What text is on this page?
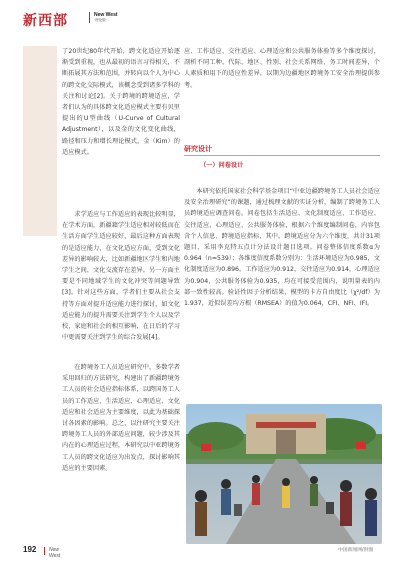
新西部	New West
·理论版·

了20世纪80年代开始，跨文化适应开始逐渐受到重视，也从最初的语言习得相关，不断拓展其方法和范围，并转向以个人为中心的跨文化交际模式，该概念受到诸多学科的关注和讨论[2]。关于跨境的跨境适应，学者们认为的具体跨文化适应模式主要有贝里提出的U型曲线（U-Curve of Cultural Adjustment），以及金的文化变化曲线，路径和压力和增长理论模式，金（Kim）的适应模式。

求学适应与工作适应的表现比较明显，在学术方面，新疆籍学生适应相对较低而在生活方面学生适应较好，最后这种方面表现的是适应能力，在文化适应方面，受到文化差异的影响较大，比如新疆地区学生和内地学生之间，文化交流存在差异。另一方面主要是不同地域学生的文化冲突等问题导致[3]。针对这些方面，学者们主要从社会支持等方面对提升适应能力进行探讨，如文化适应能力的提升需要关注到学生个人以及学校，家庭和社会的相互影响，在日后的学习中更需要关注到学生的综合发展[4]。

在跨境务工人员适应研究中，多数学者采用回归的方法研究，构建出了新疆跨境务工人员的社会适应指标体系，以跨国务工人员的工作适应、生活适应、心理适应、文化适应和社会适应为主要维度，以此为基础探讨各因素的影响。总之，以往研究主要关注跨境务工人员的外部适应问题，较少涉及其内在的心理适应过程，本研究以中亚跨境务工人员的跨文化适应为出发点，探讨影响其适应的主要因素。

应、工作适应、交往适应、心理适应和公共服务体验等多个维度探讨，剖析不同工种、代际、地区、性别、社会关系网络、务工时间差异，个人素质和用下的适应性差异，以期为边疆地区跨境务工安全治理提供参考。

研究设计
（一）问卷设计

本研究依托国家社会科学基金项目“中亚边疆跨境务工人员社会适应及安全治理研究”的课题，通过梳理文献的实证分析，编制了跨境务工人员跨境适应调查问卷。问卷包括生活适应、文化制度适应、工作适应、交往适应、心理适应、公共服务体验，根据六个维度编制问卷，内容包含个人信息、跨境适应指标，其中，跨境适应分为六个维度，共计31项题目，采用李克特五点计分法设计题目选项。问卷整体信度系数α为0.964（n=539）；各维度信度系数分别为：生活环境适应为0.985，文化制度适应为0.896，工作适应为0.912，交往适应为0.914，心理适应为0.904，公共服务体验为0.935，均在可接受范围内，说明量表的内部一致性较高。验证性因子分析结果，模型的卡方自由度比（χ²/df）为1.937，近似误差均方根（RMSEA）的值为0.064，CFI、NFI、IFI。

中国新闻网/供图
192	New West
